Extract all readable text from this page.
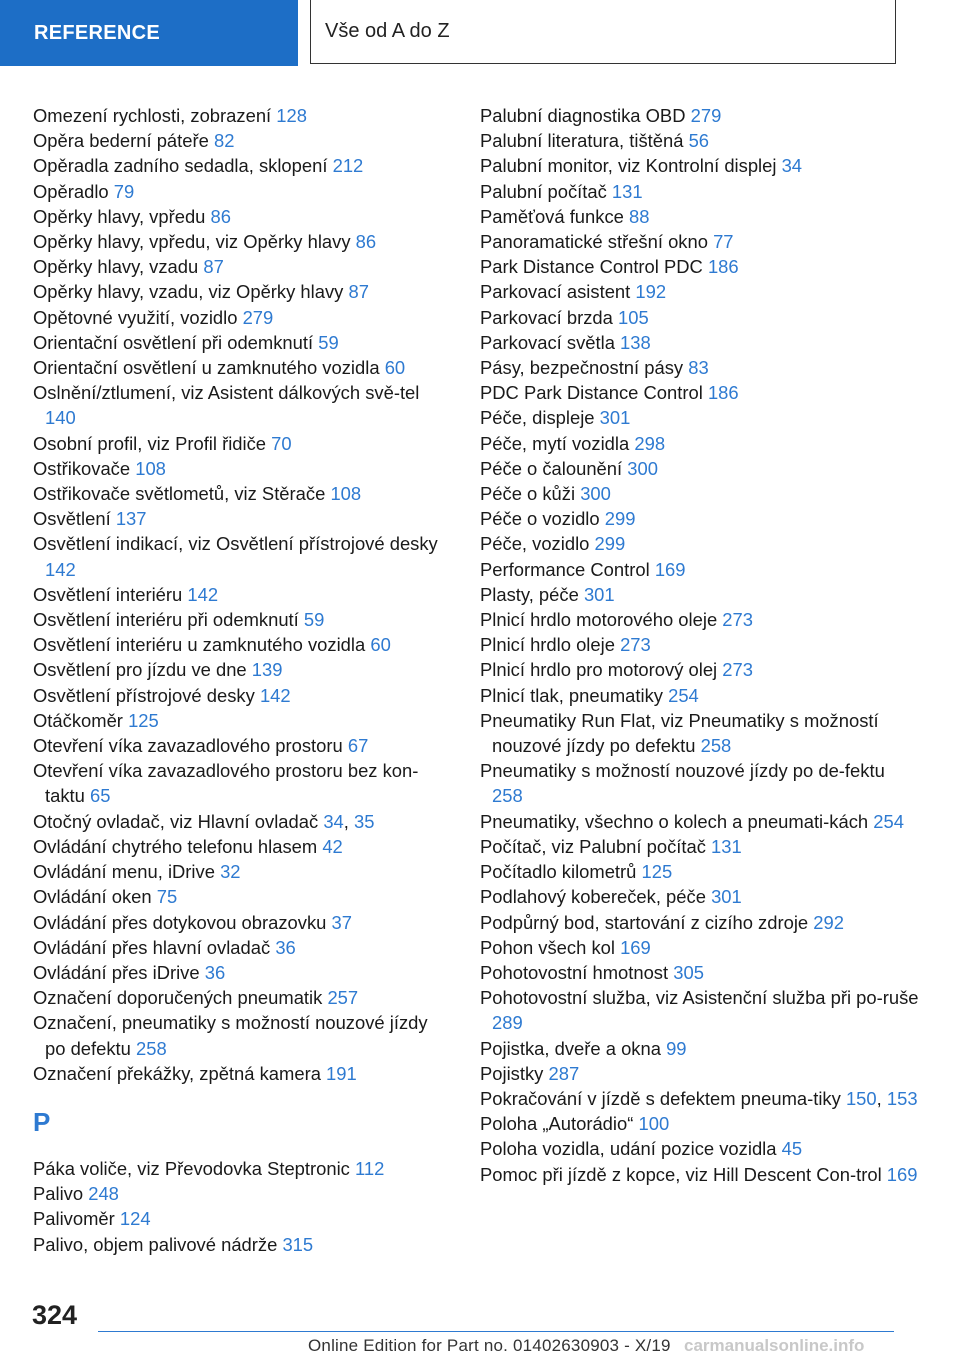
REFERENCE	Vše od A do Z

Omezení rychlosti, zobrazení 128

Opěra bederní páteře 82

Opěradla zadního sedadla, sklopení 212

Opěradlo 79

Opěrky hlavy, vpředu 86

Opěrky hlavy, vpředu, viz Opěrky hlavy 86

Opěrky hlavy, vzadu 87

Opěrky hlavy, vzadu, viz Opěrky hlavy 87

Opětovné využití, vozidlo 279

Orientační osvětlení při odemknutí 59

Orientační osvětlení u zamknutého vozidla 60

Oslnění/ztlumení, viz Asistent dálkových svě‐tel 140

Osobní profil, viz Profil řidiče 70

Ostřikovače 108

Ostřikovače světlometů, viz Stěrače 108

Osvětlení 137

Osvětlení indikací, viz Osvětlení přístrojové desky 142

Osvětlení interiéru 142

Osvětlení interiéru při odemknutí 59

Osvětlení interiéru u zamknutého vozidla 60

Osvětlení pro jízdu ve dne 139

Osvětlení přístrojové desky 142

Otáčkoměr 125

Otevření víka zavazadlového prostoru 67

Otevření víka zavazadlového prostoru bez kon‐taktu 65

Otočný ovladač, viz Hlavní ovladač 34, 35

Ovládání chytrého telefonu hlasem 42

Ovládání menu, iDrive 32

Ovládání oken 75

Ovládání přes dotykovou obrazovku 37

Ovládání přes hlavní ovladač 36

Ovládání přes iDrive 36

Označení doporučených pneumatik 257

Označení, pneumatiky s možností nouzové jízdy po defektu 258

Označení překážky, zpětná kamera 191

P

Páka voliče, viz Převodovka Steptronic 112

Palivo 248

Palivoměr 124

Palivo, objem palivové nádrže 315

Palubní diagnostika OBD 279

Palubní literatura, tištěná 56

Palubní monitor, viz Kontrolní displej 34

Palubní počítač 131

Paměťová funkce 88

Panoramatické střešní okno 77

Park Distance Control PDC 186

Parkovací asistent 192

Parkovací brzda 105

Parkovací světla 138

Pásy, bezpečnostní pásy 83

PDC Park Distance Control 186

Péče, displeje 301

Péče, mytí vozidla 298

Péče o čalounění 300

Péče o kůži 300

Péče o vozidlo 299

Péče, vozidlo 299

Performance Control 169

Plasty, péče 301

Plnicí hrdlo motorového oleje 273

Plnicí hrdlo oleje 273

Plnicí hrdlo pro motorový olej 273

Plnicí tlak, pneumatiky 254

Pneumatiky Run Flat, viz Pneumatiky s možností nouzové jízdy po defektu 258

Pneumatiky s možností nouzové jízdy po de‐fektu 258

Pneumatiky, všechno o kolech a pneumati‐kách 254

Počítač, viz Palubní počítač 131

Počítadlo kilometrů 125

Podlahový kobereček, péče 301

Podpůrný bod, startování z cizího zdroje 292

Pohon všech kol 169

Pohotovostní hmotnost 305

Pohotovostní služba, viz Asistenční služba při po‐ruše 289

Pojistka, dveře a okna 99

Pojistky 287

Pokračování v jízdě s defektem pneuma‐tiky 150, 153

Poloha „Autorádio“ 100

Poloha vozidla, udání pozice vozidla 45

Pomoc při jízdě z kopce, viz Hill Descent Con‐trol 169

324
Online Edition for Part no. 01402630903 - X/19 carmanualsonline.info
